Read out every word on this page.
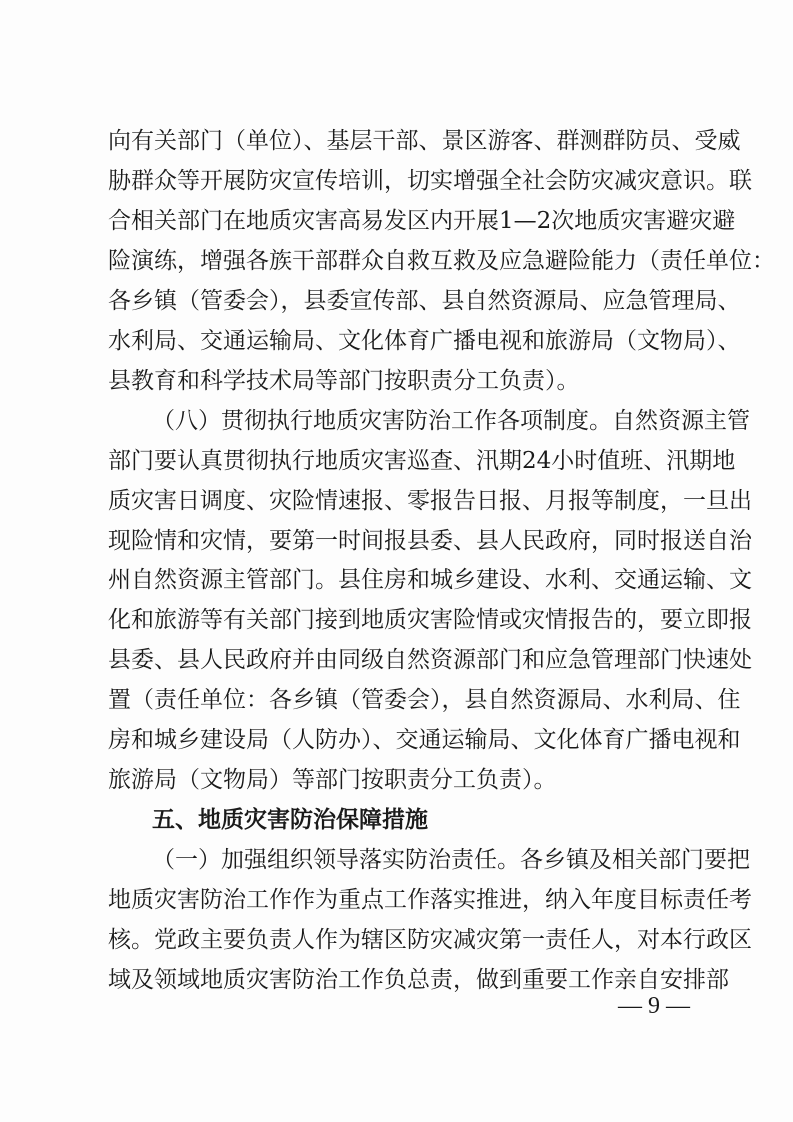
向有关部门（单位）、基层干部、景区游客、群测群防员、受威
胁群众等开展防灾宣传培训，切实增强全社会防灾减灾意识。联
合相关部门在地质灾害高易发区内开展1—2次地质灾害避灾避
险演练，增强各族干部群众自救互救及应急避险能力（责任单位：
各乡镇（管委会），县委宣传部、县自然资源局、应急管理局、
水利局、交通运输局、文化体育广播电视和旅游局（文物局）、
县教育和科学技术局等部门按职责分工负责）。
（八）贯彻执行地质灾害防治工作各项制度。自然资源主管
部门要认真贯彻执行地质灾害巡查、汛期24小时值班、汛期地
质灾害日调度、灾险情速报、零报告日报、月报等制度，一旦出
现险情和灾情，要第一时间报县委、县人民政府，同时报送自治
州自然资源主管部门。县住房和城乡建设、水利、交通运输、文
化和旅游等有关部门接到地质灾害险情或灾情报告的，要立即报
县委、县人民政府并由同级自然资源部门和应急管理部门快速处
置（责任单位：各乡镇（管委会），县自然资源局、水利局、住
房和城乡建设局（人防办）、交通运输局、文化体育广播电视和
旅游局（文物局）等部门按职责分工负责）。
五、地质灾害防治保障措施
（一）加强组织领导落实防治责任。各乡镇及相关部门要把
地质灾害防治工作作为重点工作落实推进，纳入年度目标责任考
核。党政主要负责人作为辖区防灾减灾第一责任人，对本行政区
域及领域地质灾害防治工作负总责，做到重要工作亲自安排部
— 9 —
